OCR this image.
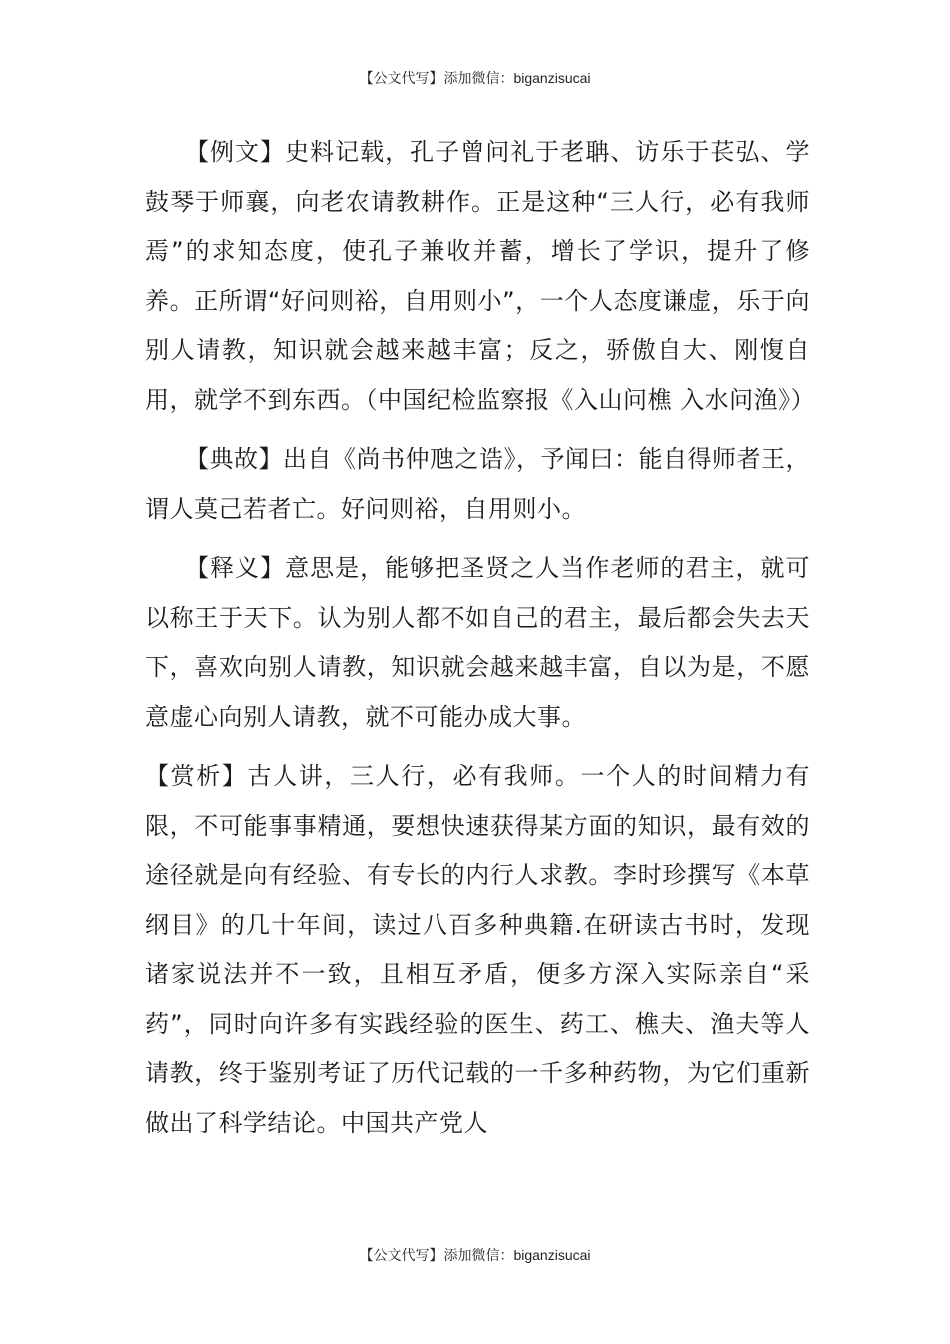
【公文代写】添加微信：biganzisucai

【例文】史料记载，孔子曾问礼于老聃、访乐于苌弘、学鼓琴于师襄，向老农请教耕作。正是这种“三人行，必有我师焉”的求知态度，使孔子兼收并蓄，增长了学识，提升了修养。正所谓“好问则裕，自用则小”，一个人态度谦虚，乐于向别人请教，知识就会越来越丰富；反之，骄傲自大、刚愎自用，就学不到东西。（中国纪检监察报《入山问樵 入水问渔》）

【典故】出自《尚书仲虺之诰》，予闻曰：能自得师者王，谓人莫己若者亡。好问则裕，自用则小。

【释义】意思是，能够把圣贤之人当作老师的君主，就可以称王于天下。认为别人都不如自己的君主，最后都会失去天下，喜欢向别人请教，知识就会越来越丰富，自以为是，不愿意虚心向别人请教，就不可能办成大事。

【赏析】古人讲，三人行，必有我师。一个人的时间精力有限，不可能事事精通，要想快速获得某方面的知识，最有效的途径就是向有经验、有专长的内行人求教。李时珍撰写《本草纲目》的几十年间，读过八百多种典籍.在研读古书时，发现诸家说法并不一致，且相互矛盾，便多方深入实际亲自“采药”，同时向许多有实践经验的医生、药工、樵夫、渔夫等人请教，终于鉴别考证了历代记载的一千多种药物，为它们重新做出了科学结论。中国共产党人

【公文代写】添加微信：biganzisucai
